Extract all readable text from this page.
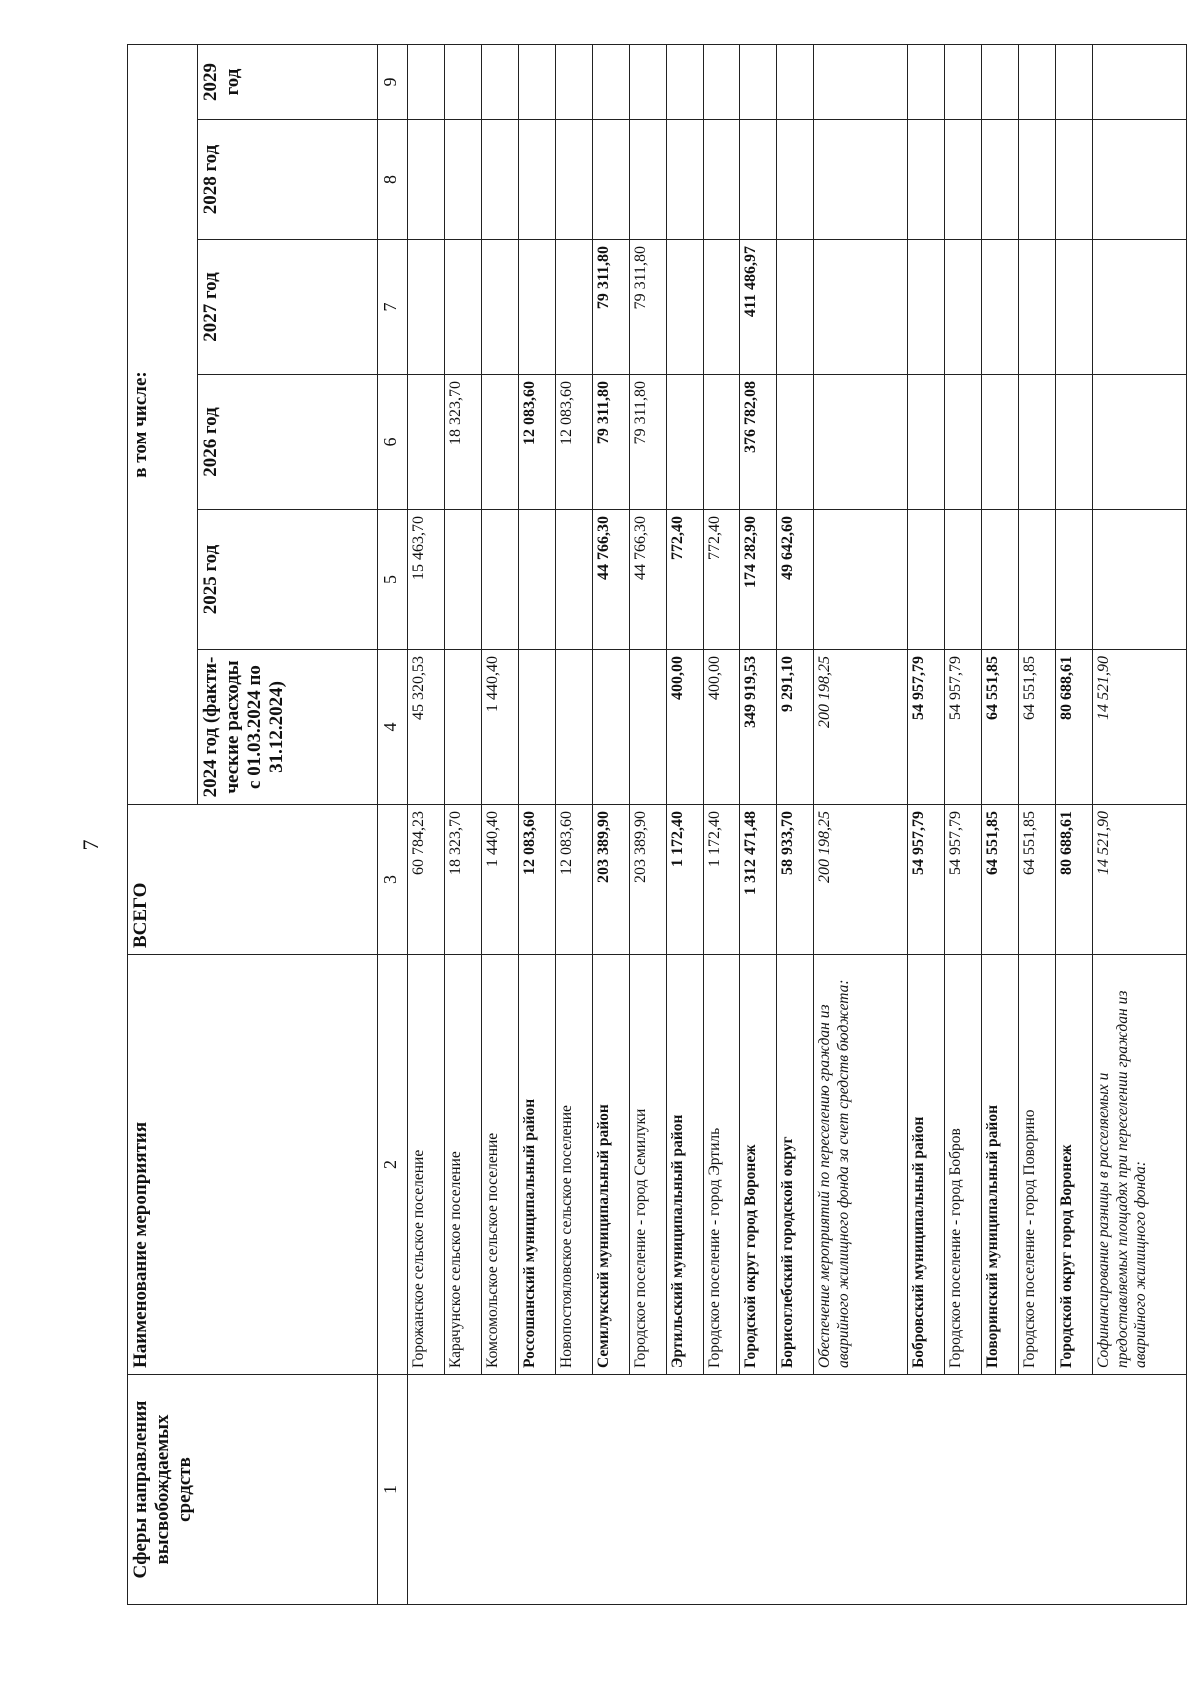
7
Сферы направления высвобождаемых средств	Наименование мероприятия	ВСЕГО	в том числе:					
			2024 год (факти-ческие расходы с 01.03.2024 по 31.12.2024)	2025 год	2026 год	2027 год	2028 год	2029 год
1	2	3	4	5	6	7	8	9
	Горожанское сельское поселение	60 784,23	45 320,53	15 463,70				
	Карачунское сельское поселение	18 323,70			18 323,70			
	Комсомольское сельское поселение	1 440,40	1 440,40					
	Россошанский муниципальный район	12 083,60			12 083,60			
	Новопостояловское сельское поселение	12 083,60			12 083,60			
	Семилукский муниципальный район	203 389,90		44 766,30	79 311,80	79 311,80		
	Городское поселение - город Семилуки	203 389,90		44 766,30	79 311,80	79 311,80		
	Эртильский муниципальный район	1 172,40	400,00	772,40				
	Городское поселение - город Эртиль	1 172,40	400,00	772,40				
	Городской округ город Воронеж	1 312 471,48	349 919,53	174 282,90	376 782,08	411 486,97		
	Борисоглебский городской округ	58 933,70	9 291,10	49 642,60				
	Обеспечение мероприятий по переселению граждан из аварийного жилищного фонда за счет средств бюджета:	200 198,25	200 198,25					
	Бобровский муниципальный район	54 957,79	54 957,79					
	Городское поселение - город Бобров	54 957,79	54 957,79					
	Поворинский муниципальный район	64 551,85	64 551,85					
	Городское поселение - город Поворино	64 551,85	64 551,85					
	Городской округ город Воронеж	80 688,61	80 688,61					
	Софинансирование разницы в расселяемых и предоставляемых площадях при переселении граждан из аварийного жилищного фонда:	14 521,90	14 521,90					
